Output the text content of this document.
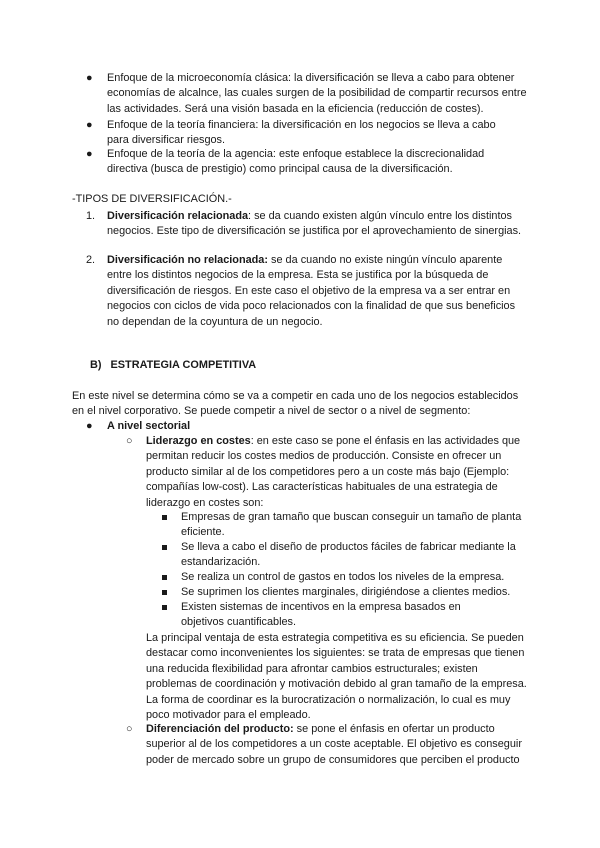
● Enfoque de la microeconomía clásica: la diversificación se lleva a cabo para obtener economías de alcalnce, las cuales surgen de la posibilidad de compartir recursos entre las actividades. Será una visión basada en la eficiencia (reducción de costes).
● Enfoque de la teoría financiera: la diversificación en los negocios se lleva a cabo para diversificar riesgos.
● Enfoque de la teoría de la agencia: este enfoque establece la discrecionalidad directiva (busca de prestigio) como principal causa de la diversificación.
-TIPOS DE DIVERSIFICACIÓN.-
1. Diversificación relacionada: se da cuando existen algún vínculo entre los distintos negocios. Este tipo de diversificación se justifica por el aprovechamiento de sinergias.
2. Diversificación no relacionada: se da cuando no existe ningún vínculo aparente entre los distintos negocios de la empresa. Esta se justifica por la búsqueda de diversificación de riesgos. En este caso el objetivo de la empresa va a ser entrar en negocios con ciclos de vida poco relacionados con la finalidad de que sus beneficios no dependan de la coyuntura de un negocio.
B) ESTRATEGIA COMPETITIVA
En este nivel se determina cómo se va a competir en cada uno de los negocios establecidos en el nivel corporativo. Se puede competir a nivel de sector o a nivel de segmento:
● A nivel sectorial
○ Liderazgo en costes: en este caso se pone el énfasis en las actividades que permitan reducir los costes medios de producción. Consiste en ofrecer un producto similar al de los competidores pero a un coste más bajo (Ejemplo: compañías low-cost). Las características habituales de una estrategia de liderazgo en costes son:
Empresas de gran tamaño que buscan conseguir un tamaño de planta eficiente.
Se lleva a cabo el diseño de productos fáciles de fabricar mediante la estandarización.
Se realiza un control de gastos en todos los niveles de la empresa.
Se suprimen los clientes marginales, dirigiéndose a clientes medios.
Existen sistemas de incentivos en la empresa basados en objetivos cuantificables.
La principal ventaja de esta estrategia competitiva es su eficiencia. Se pueden destacar como inconvenientes los siguientes: se trata de empresas que tienen una reducida flexibilidad para afrontar cambios estructurales; existen problemas de coordinación y motivación debido al gran tamaño de la empresa. La forma de coordinar es la burocratización o normalización, lo cual es muy poco motivador para el empleado.
○ Diferenciación del producto: se pone el énfasis en ofertar un producto superior al de los competidores a un coste aceptable. El objetivo es conseguir poder de mercado sobre un grupo de consumidores que perciben el producto
